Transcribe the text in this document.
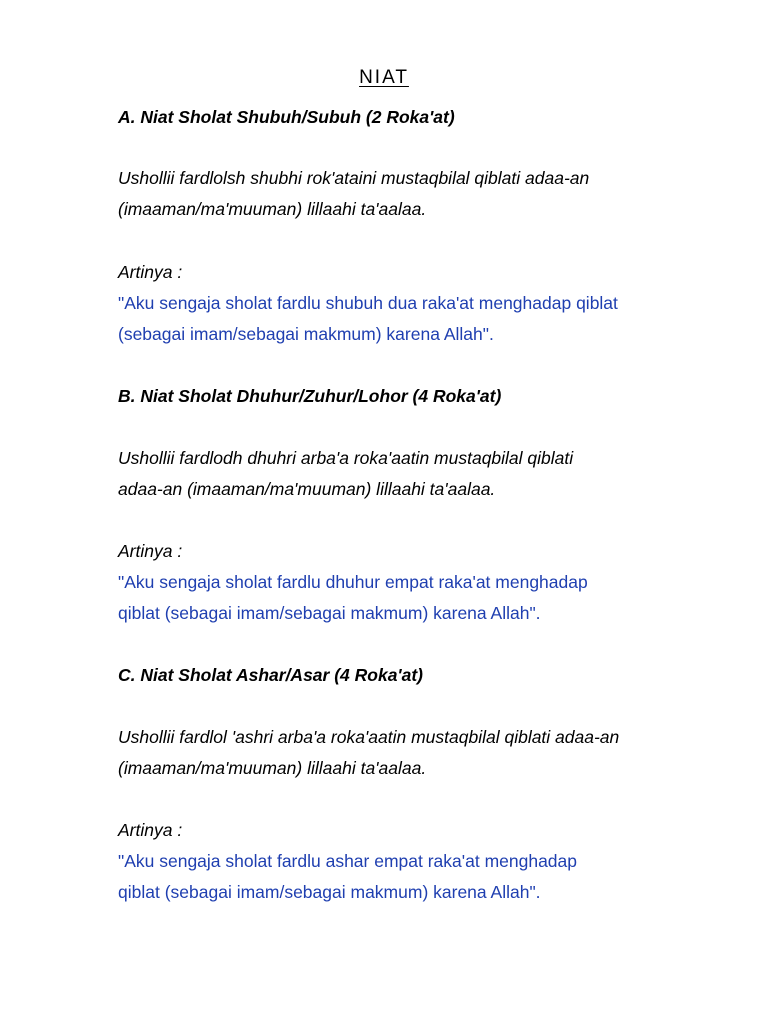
NIAT
A. Niat Sholat Shubuh/Subuh (2 Roka'at)
Ushollii fardlolsh shubhi rok'ataini mustaqbilal qiblati adaa-an
(imaaman/ma'muuman) lillaahi ta'aalaa.
Artinya :
"Aku sengaja sholat fardlu shubuh dua raka'at menghadap qiblat
(sebagai imam/sebagai makmum) karena Allah".
B. Niat Sholat Dhuhur/Zuhur/Lohor (4 Roka'at)
Ushollii fardlodh dhuhri arba'a roka'aatin mustaqbilal qiblati
adaa-an (imaaman/ma'muuman) lillaahi ta'aalaa.
Artinya :
"Aku sengaja sholat fardlu dhuhur empat raka'at menghadap
qiblat (sebagai imam/sebagai makmum) karena Allah".
C. Niat Sholat Ashar/Asar (4 Roka'at)
Ushollii fardlol 'ashri arba'a roka'aatin mustaqbilal qiblati adaa-an
(imaaman/ma'muuman) lillaahi ta'aalaa.
Artinya :
"Aku sengaja sholat fardlu ashar empat raka'at menghadap
qiblat (sebagai imam/sebagai makmum) karena Allah".
